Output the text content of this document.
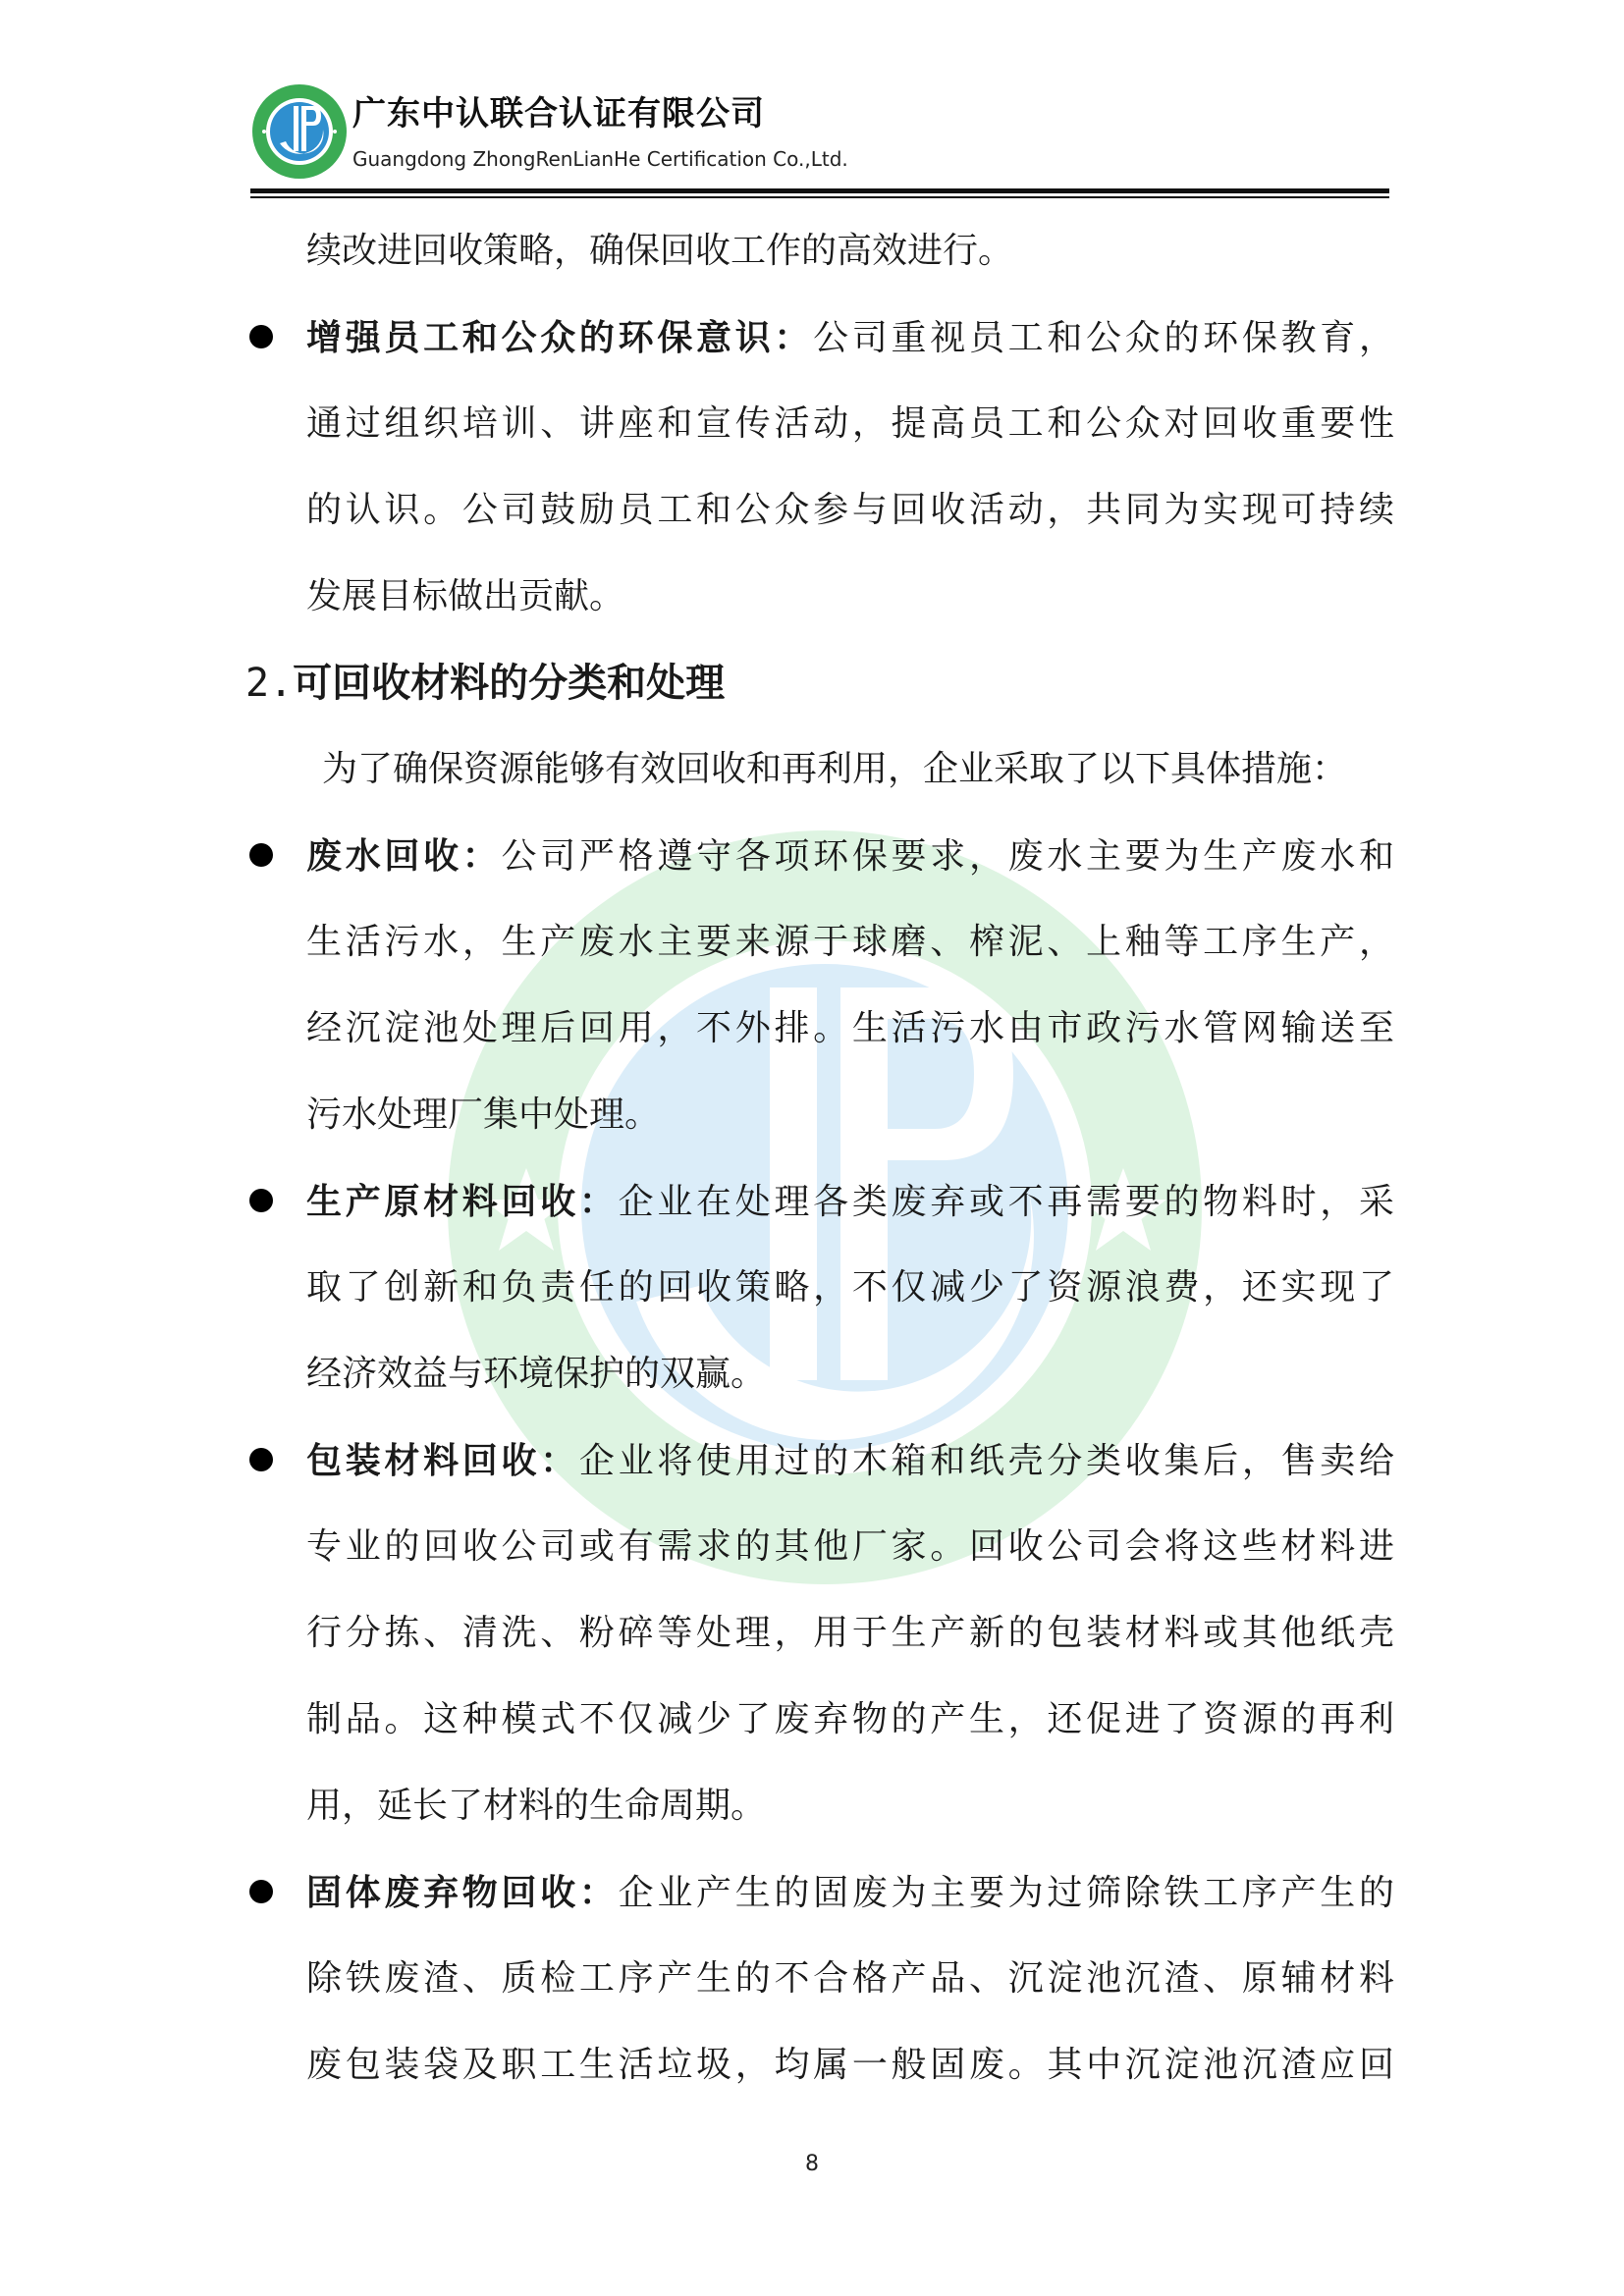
广东中认联合认证有限公司
Guangdong ZhongRenLianHe Certification Co.,Ltd.
续改进回收策略，确保回收工作的高效进行。
增强员工和公众的环保意识：公司重视员工和公众的环保教育，
通过组织培训、讲座和宣传活动，提高员工和公众对回收重要性
的认识。公司鼓励员工和公众参与回收活动，共同为实现可持续
发展目标做出贡献。
2.可回收材料的分类和处理
为了确保资源能够有效回收和再利用，企业采取了以下具体措施：
废水回收：公司严格遵守各项环保要求，废水主要为生产废水和
生活污水，生产废水主要来源于球磨、榨泥、上釉等工序生产，
经沉淀池处理后回用，不外排。生活污水由市政污水管网输送至
污水处理厂集中处理。
生产原材料回收：企业在处理各类废弃或不再需要的物料时，采
取了创新和负责任的回收策略，不仅减少了资源浪费，还实现了
经济效益与环境保护的双赢。
包装材料回收：企业将使用过的木箱和纸壳分类收集后，售卖给
专业的回收公司或有需求的其他厂家。回收公司会将这些材料进
行分拣、清洗、粉碎等处理，用于生产新的包装材料或其他纸壳
制品。这种模式不仅减少了废弃物的产生，还促进了资源的再利
用，延长了材料的生命周期。
固体废弃物回收：企业产生的固废为主要为过筛除铁工序产生的
除铁废渣、质检工序产生的不合格产品、沉淀池沉渣、原辅材料
废包装袋及职工生活垃圾，均属一般固废。其中沉淀池沉渣应回
8
